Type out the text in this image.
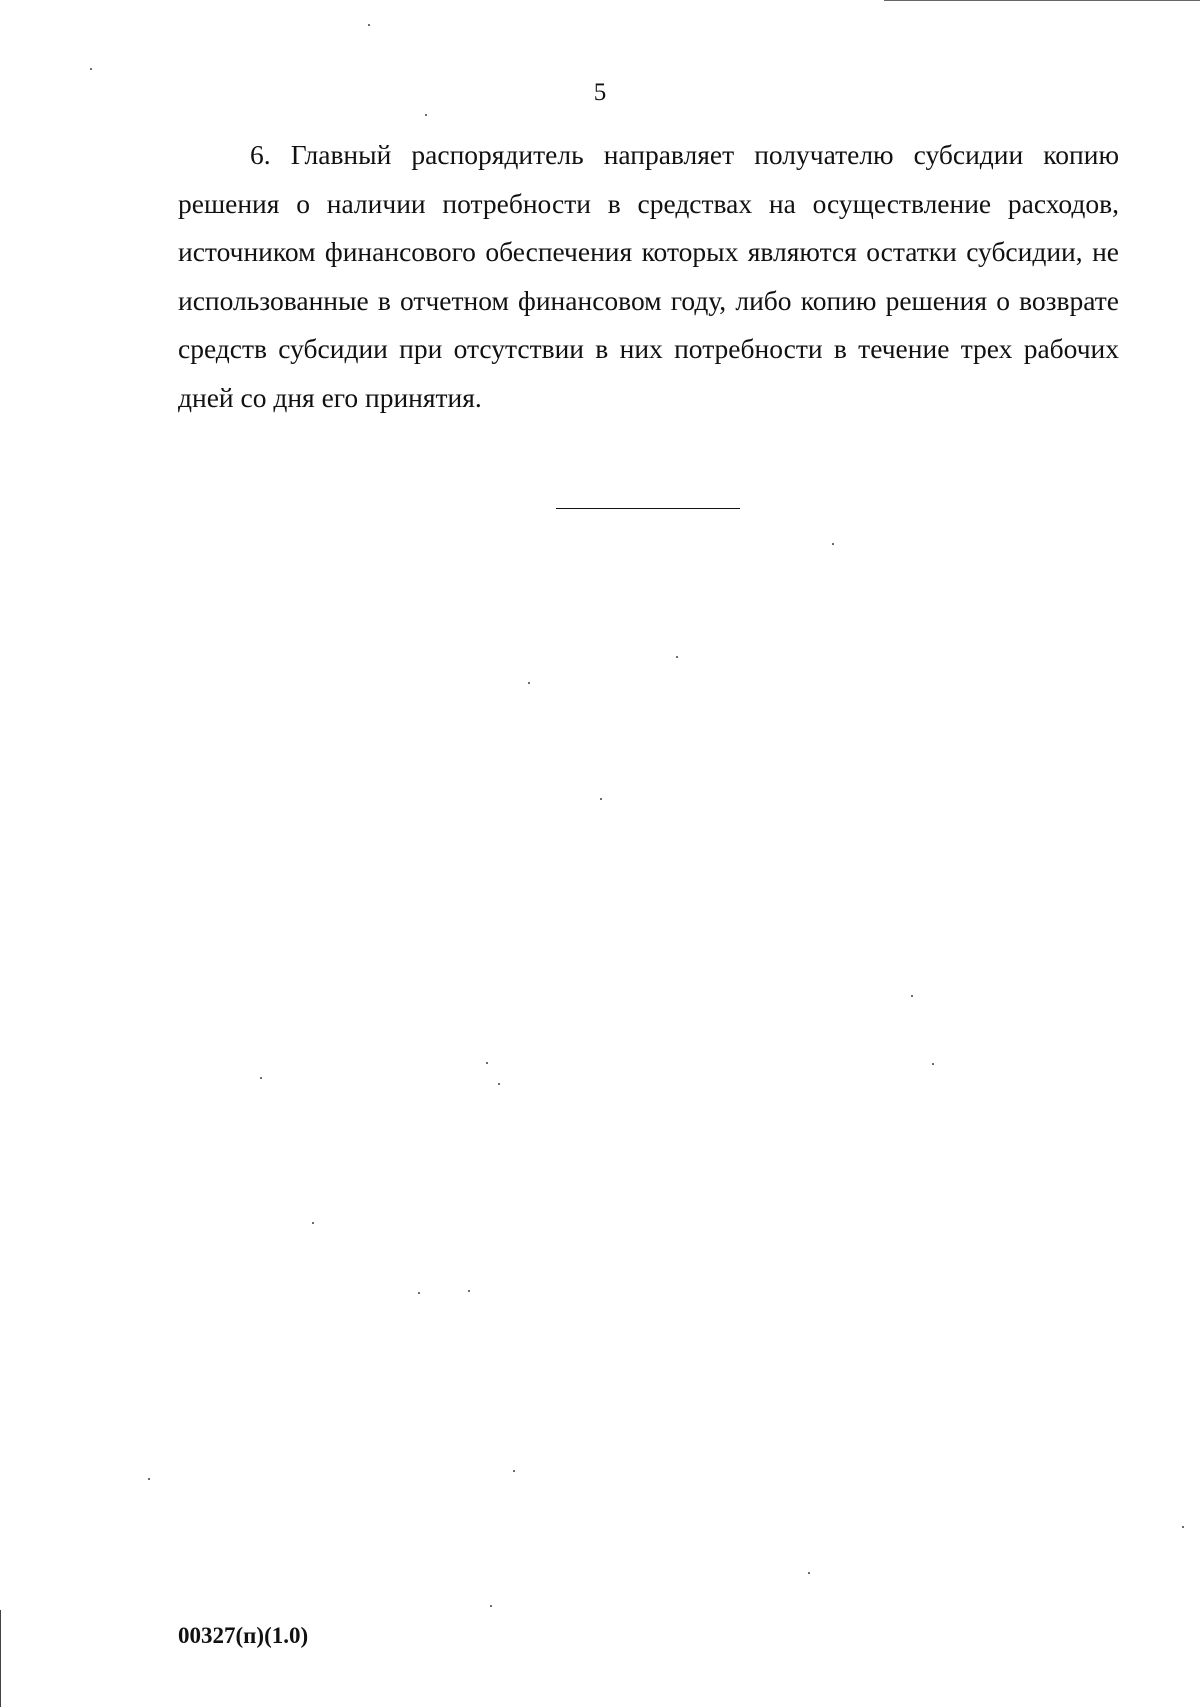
5

6. Главный распорядитель направляет получателю субсидии копию решения о наличии потребности в средствах на осуществление расходов, источником финансового обеспечения которых являются остатки субсидии, не использованные в отчетном финансовом году, либо копию решения о возврате средств субсидии при отсутствии в них потребности в течение трех рабочих дней со дня его принятия.

00327(п)(1.0)
